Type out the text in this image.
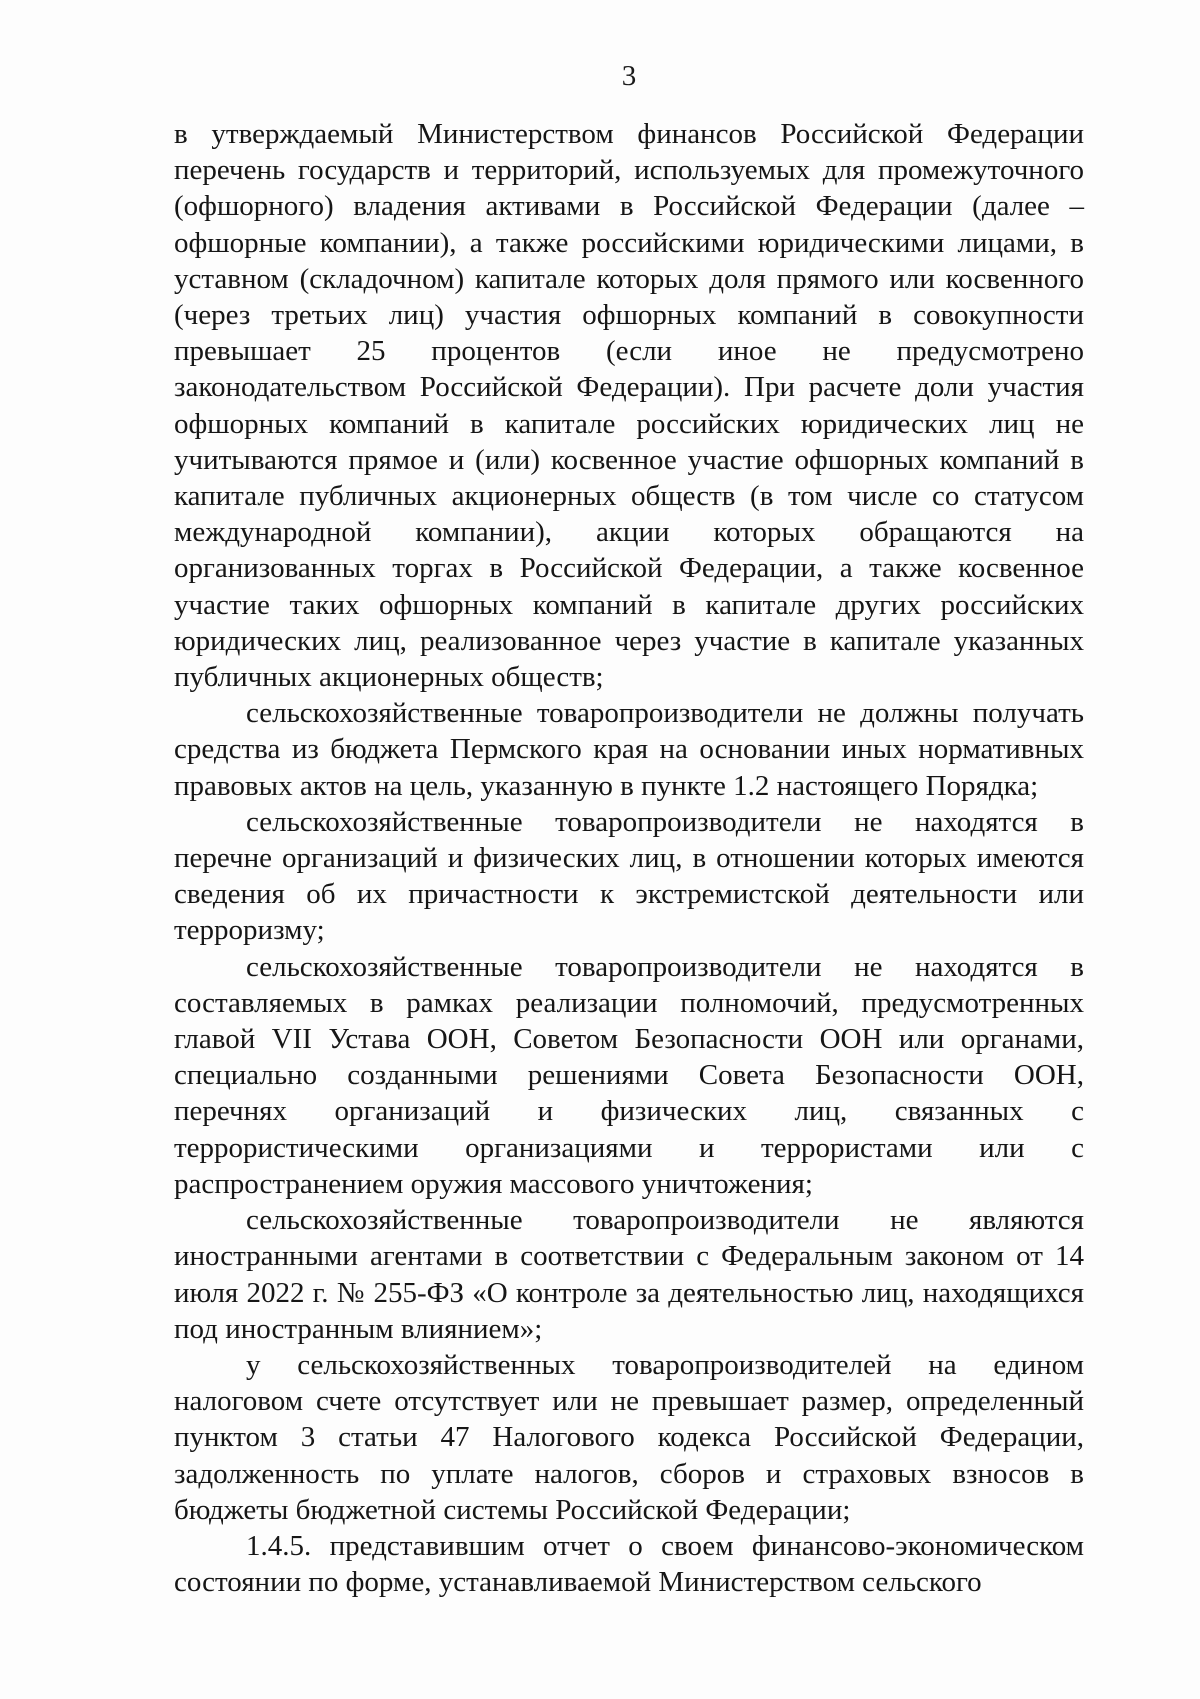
3

в утверждаемый Министерством финансов Российской Федерации перечень государств и территорий, используемых для промежуточного (офшорного) владения активами в Российской Федерации (далее – офшорные компании), а также российскими юридическими лицами, в уставном (складочном) капитале которых доля прямого или косвенного (через третьих лиц) участия офшорных компаний в совокупности превышает 25 процентов (если иное не предусмотрено законодательством Российской Федерации). При расчете доли участия офшорных компаний в капитале российских юридических лиц не учитываются прямое и (или) косвенное участие офшорных компаний в капитале публичных акционерных обществ (в том числе со статусом международной компании), акции которых обращаются на организованных торгах в Российской Федерации, а также косвенное участие таких офшорных компаний в капитале других российских юридических лиц, реализованное через участие в капитале указанных публичных акционерных обществ;

сельскохозяйственные товаропроизводители не должны получать средства из бюджета Пермского края на основании иных нормативных правовых актов на цель, указанную в пункте 1.2 настоящего Порядка;

сельскохозяйственные товаропроизводители не находятся в перечне организаций и физических лиц, в отношении которых имеются сведения об их причастности к экстремистской деятельности или терроризму;

сельскохозяйственные товаропроизводители не находятся в составляемых в рамках реализации полномочий, предусмотренных главой VII Устава ООН, Советом Безопасности ООН или органами, специально созданными решениями Совета Безопасности ООН, перечнях организаций и физических лиц, связанных с террористическими организациями и террористами или с распространением оружия массового уничтожения;

сельскохозяйственные товаропроизводители не являются иностранными агентами в соответствии с Федеральным законом от 14 июля 2022 г. № 255-ФЗ «О контроле за деятельностью лиц, находящихся под иностранным влиянием»;

у сельскохозяйственных товаропроизводителей на едином налоговом счете отсутствует или не превышает размер, определенный пунктом 3 статьи 47 Налогового кодекса Российской Федерации, задолженность по уплате налогов, сборов и страховых взносов в бюджеты бюджетной системы Российской Федерации;

1.4.5. представившим отчет о своем финансово-экономическом состоянии по форме, устанавливаемой Министерством сельского
